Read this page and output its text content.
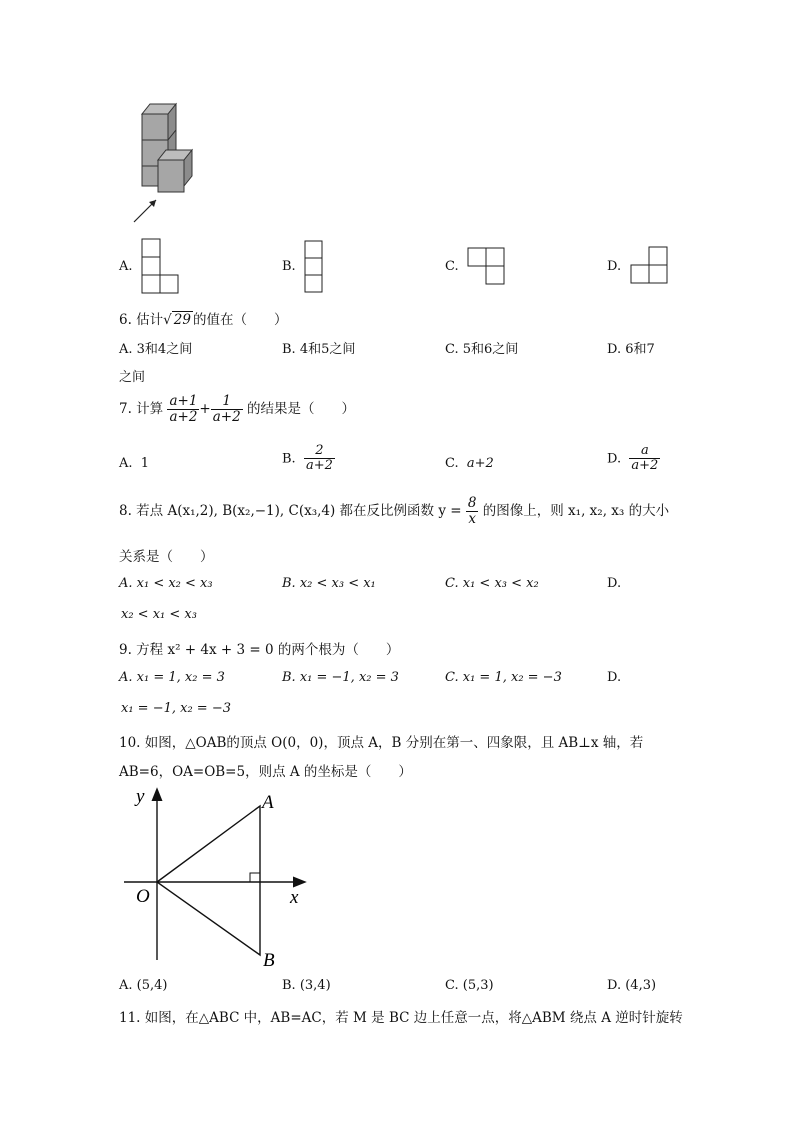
A.	B.	C.	D.
6. 估计√ 29 的值在（　　）
A. 3和4之间	B. 4和5之间	C. 5和6之间	D. 6和7
之间
7. 计算 $\frac{a+1}{a+2} + \frac{1}{a+2}$ 的结果是（　　）
A. 1	B. $\frac{2}{a+2}$	C. a+2	D. $\frac{a}{a+2}$
8. 若点 A(x₁,2), B(x₂,−1), C(x₃,4) 都在反比例函数 $y = \frac{8}{x}$ 的图像上，则 x₁, x₂, x₃ 的大小
关系是（　　）
A. x₁ < x₂ < x₃	B. x₂ < x₃ < x₁	C. x₁ < x₃ < x₂	D.
x₂ < x₁ < x₃
9. 方程 x² + 4x + 3 = 0 的两个根为（　　）
A. x₁ = 1, x₂ = 3	B. x₁ = −1, x₂ = 3	C. x₁ = 1, x₂ = −3	D.
x₁ = −1, x₂ = −3
10. 如图，△OAB的顶点 O(0，0)，顶点 A，B 分别在第一、四象限，且 AB⊥x 轴，若
AB=6，OA=OB=5，则点 A 的坐标是（　　）
y
x
O
A
B
A. (5,4)	B. (3,4)	C. (5,3)	D. (4,3)
11. 如图，在△ABC 中，AB=AC，若 M 是 BC 边上任意一点，将△ABM 绕点 A 逆时针旋转
